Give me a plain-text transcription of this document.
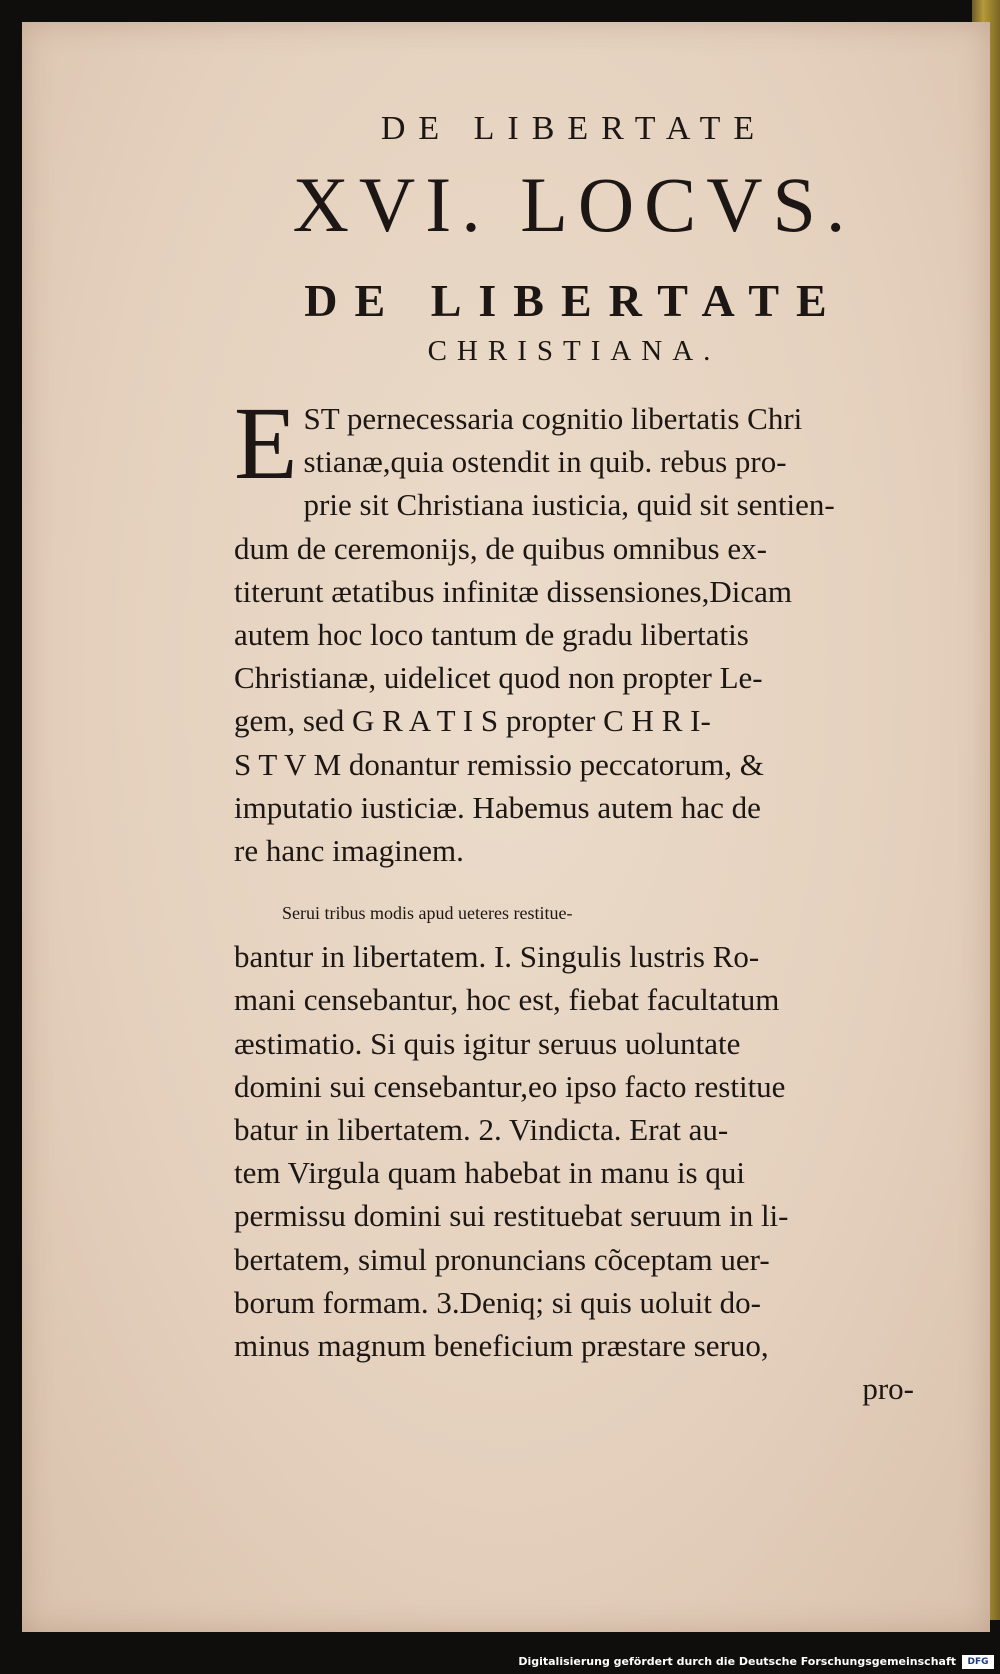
DE LIBERTATE
XVI. LOCVS.
DE LIBERTATE
CHRISTIANA.
E ST pernecessaria cognitio libertatis Chri
stianæ,quia ostendit in quib. rebus pro-
prie sit Christiana iusticia, quid sit sentien-
dum de ceremonijs, de quibus omnibus ex-
titerunt ætatibus infinitæ dissensiones,Dicam
autem hoc loco tantum de gradu libertatis
Christianæ, uidelicet quod non propter Le-
gem, sed G R A T I S propter C H R I-
S T V M donantur remissio peccatorum, &
imputatio iusticiæ. Habemus autem hac de
re hanc imaginem.
Serui tribus modis apud ueteres restitue-
bantur in libertatem. I. Singulis lustris Ro-
mani censebantur, hoc est, fiebat facultatum
æstimatio. Si quis igitur seruus uoluntate
domini sui censebantur,eo ipso facto restitue
batur in libertatem. 2. Vindicta. Erat au-
tem Virgula quam habebat in manu is qui
permissu domini sui restituebat seruum in li-
bertatem, simul pronuncians cõceptam uer-
borum formam. 3.Deniq; si quis uoluit do-
minus magnum beneficium præstare seruo,
pro-
Digitalisierung gefördert durch die Deutsche Forschungsgemeinschaft	DFG
